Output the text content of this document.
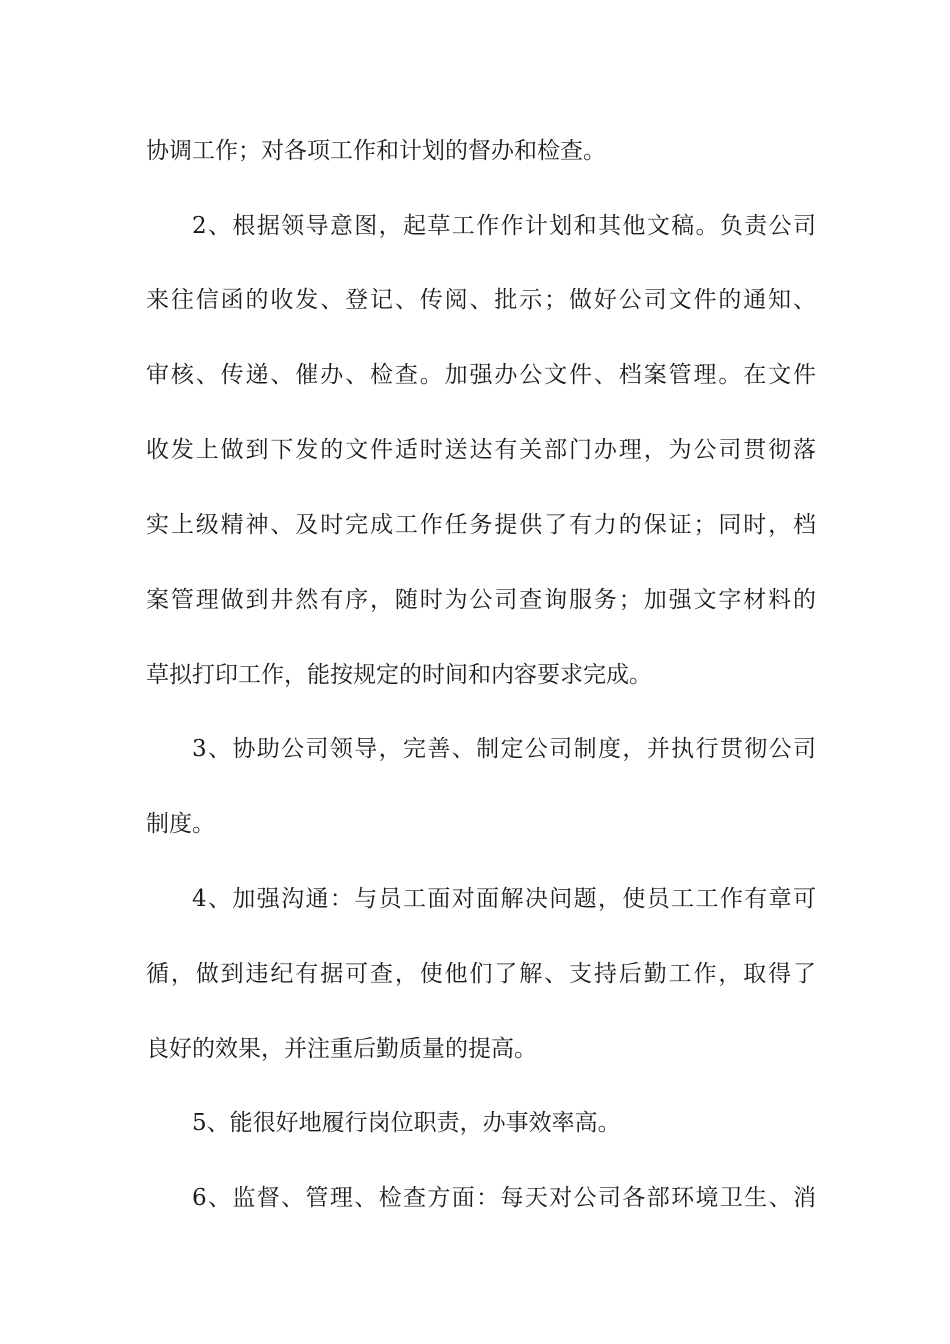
协调工作；对各项工作和计划的督办和检查。
2、根据领导意图，起草工作作计划和其他文稿。负责公司
来往信函的收发、登记、传阅、批示；做好公司文件的通知、
审核、传递、催办、检查。加强办公文件、档案管理。在文件
收发上做到下发的文件适时送达有关部门办理，为公司贯彻落
实上级精神、及时完成工作任务提供了有力的保证；同时，档
案管理做到井然有序，随时为公司查询服务；加强文字材料的
草拟打印工作，能按规定的时间和内容要求完成。
3、协助公司领导，完善、制定公司制度，并执行贯彻公司
制度。
4、加强沟通：与员工面对面解决问题，使员工工作有章可
循，做到违纪有据可查，使他们了解、支持后勤工作，取得了
良好的效果，并注重后勤质量的提高。
5、能很好地履行岗位职责，办事效率高。
6、监督、管理、检查方面：每天对公司各部环境卫生、消
